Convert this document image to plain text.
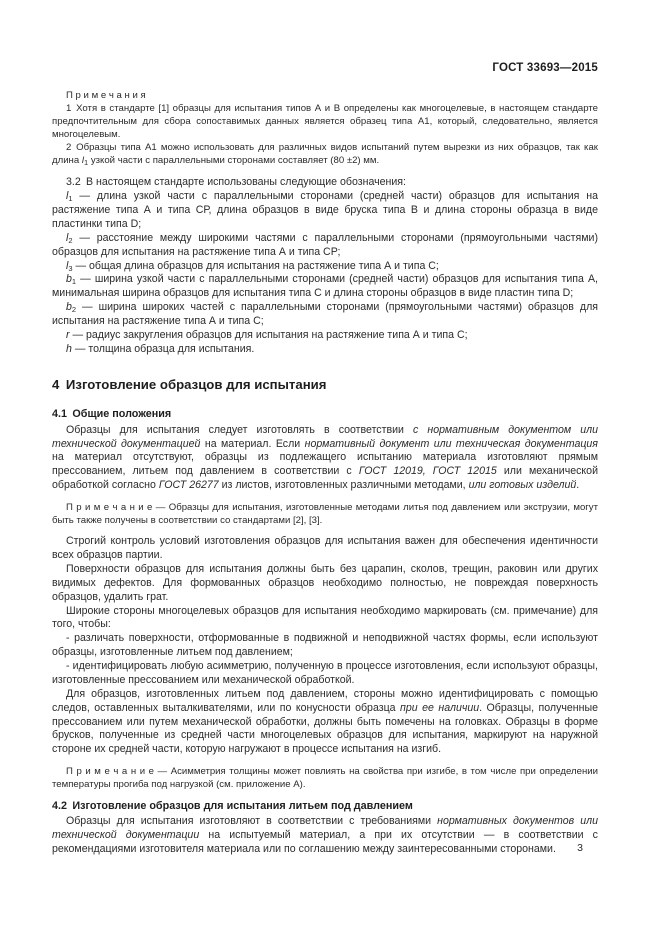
ГОСТ 33693—2015

П р и м е ч а н и я

1 Хотя в стандарте [1] образцы для испытания типов А и В определены как многоцелевые, в настоящем стандарте предпочтительным для сбора сопоставимых данных является образец типа А1, который, следовательно, является многоцелевым.

2 Образцы типа А1 можно использовать для различных видов испытаний путем вырезки из них образцов, так как длина $l_1$ узкой части с параллельными сторонами составляет (80 ±2) мм.

3.2 В настоящем стандарте использованы следующие обозначения:

$l_1$ — длина узкой части с параллельными сторонами (средней части) образцов для испытания на растяжение типа А и типа СР, длина образцов в виде бруска типа В и длина стороны образца в виде пластинки типа D;

$l_2$ — расстояние между широкими частями с параллельными сторонами (прямоугольными частями) образцов для испытания на растяжение типа А и типа СР;

$l_3$ — общая длина образцов для испытания на растяжение типа А и типа С;

$b_1$ — ширина узкой части с параллельными сторонами (средней части) образцов для испытания типа А, минимальная ширина образцов для испытания типа С и длина стороны образцов в виде пластин типа D;

$b_2$ — ширина широких частей с параллельными сторонами (прямоугольными частями) образцов для испытания на растяжение типа А и типа С;

r — радиус закругления образцов для испытания на растяжение типа А и типа С;

h — толщина образца для испытания.

4 Изготовление образцов для испытания
4.1 Общие положения

Образцы для испытания следует изготовлять в соответствии с нормативным документом или технической документацией на материал. Если нормативный документ или техническая документация на материал отсутствуют, образцы из подлежащего испытанию материала изготовляют прямым прессованием, литьем под давлением в соответствии с ГОСТ 12019, ГОСТ 12015 или механической обработкой согласно ГОСТ 26277 из листов, изготовленных различными методами, или готовых изделий.

П р и м е ч а н и е — Образцы для испытания, изготовленные методами литья под давлением или экструзии, могут быть также получены в соответствии со стандартами [2], [3].

Строгий контроль условий изготовления образцов для испытания важен для обеспечения идентичности всех образцов партии.

Поверхности образцов для испытания должны быть без царапин, сколов, трещин, раковин или других видимых дефектов. Для формованных образцов необходимо полностью, не повреждая поверхность образцов, удалить грат.

Широкие стороны многоцелевых образцов для испытания необходимо маркировать (см. примечание) для того, чтобы:

- различать поверхности, отформованные в подвижной и неподвижной частях формы, если используют образцы, изготовленные литьем под давлением;

- идентифицировать любую асимметрию, полученную в процессе изготовления, если используют образцы, изготовленные прессованием или механической обработкой.

Для образцов, изготовленных литьем под давлением, стороны можно идентифицировать с помощью следов, оставленных выталкивателями, или по конусности образца при ее наличии. Образцы, полученные прессованием или путем механической обработки, должны быть помечены на головках. Образцы в форме брусков, полученные из средней части многоцелевых образцов для испытания, маркируют на наружной стороне их средней части, которую нагружают в процессе испытания на изгиб.

П р и м е ч а н и е — Асимметрия толщины может повлиять на свойства при изгибе, в том числе при определении температуры прогиба под нагрузкой (см. приложение А).

4.2 Изготовление образцов для испытания литьем под давлением

Образцы для испытания изготовляют в соответствии с требованиями нормативных документов или технической документации на испытуемый материал, а при их отсутствии — в соответствии с рекомендациями изготовителя материала или по соглашению между заинтересованными сторонами.	3
